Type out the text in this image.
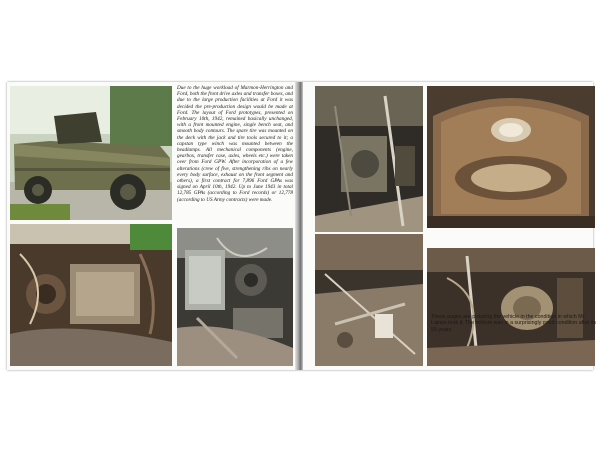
Due to the huge workload of Marmon-Herrington and Ford, both the front drive axles and transfer boxes, and due to the large production facilities at Ford it was decided the pre-production design would be made at Ford. The layout of Ford prototypes, presented on February 10th, 1942, remained basically unchanged, with a front mounted engine, single bench seat, and smooth body contours. The spare tire was mounted on the deck with the jack and tire tools secured to it; a capstan type winch was mounted between the headlamps. All mechanical components (engine, gearbox, transfer case, axles, wheels etc.) were taken over from Ford GPW. After incorporation of a few alterations (crew of five, strengthening ribs on nearly every body surface, exhaust on the front segment and others), a first contract for 7,896 Ford GPAs was signed on April 10th, 1942. Up to June 1943 in total 12,785 GPAs (according to Ford records) or 12,778 (according to US Army contracts) were made.
These pages are picturing the vehicle in the condition in which Mr. Lainox took it. The vehicle was in a surprisingly good condition after its 55 years.
